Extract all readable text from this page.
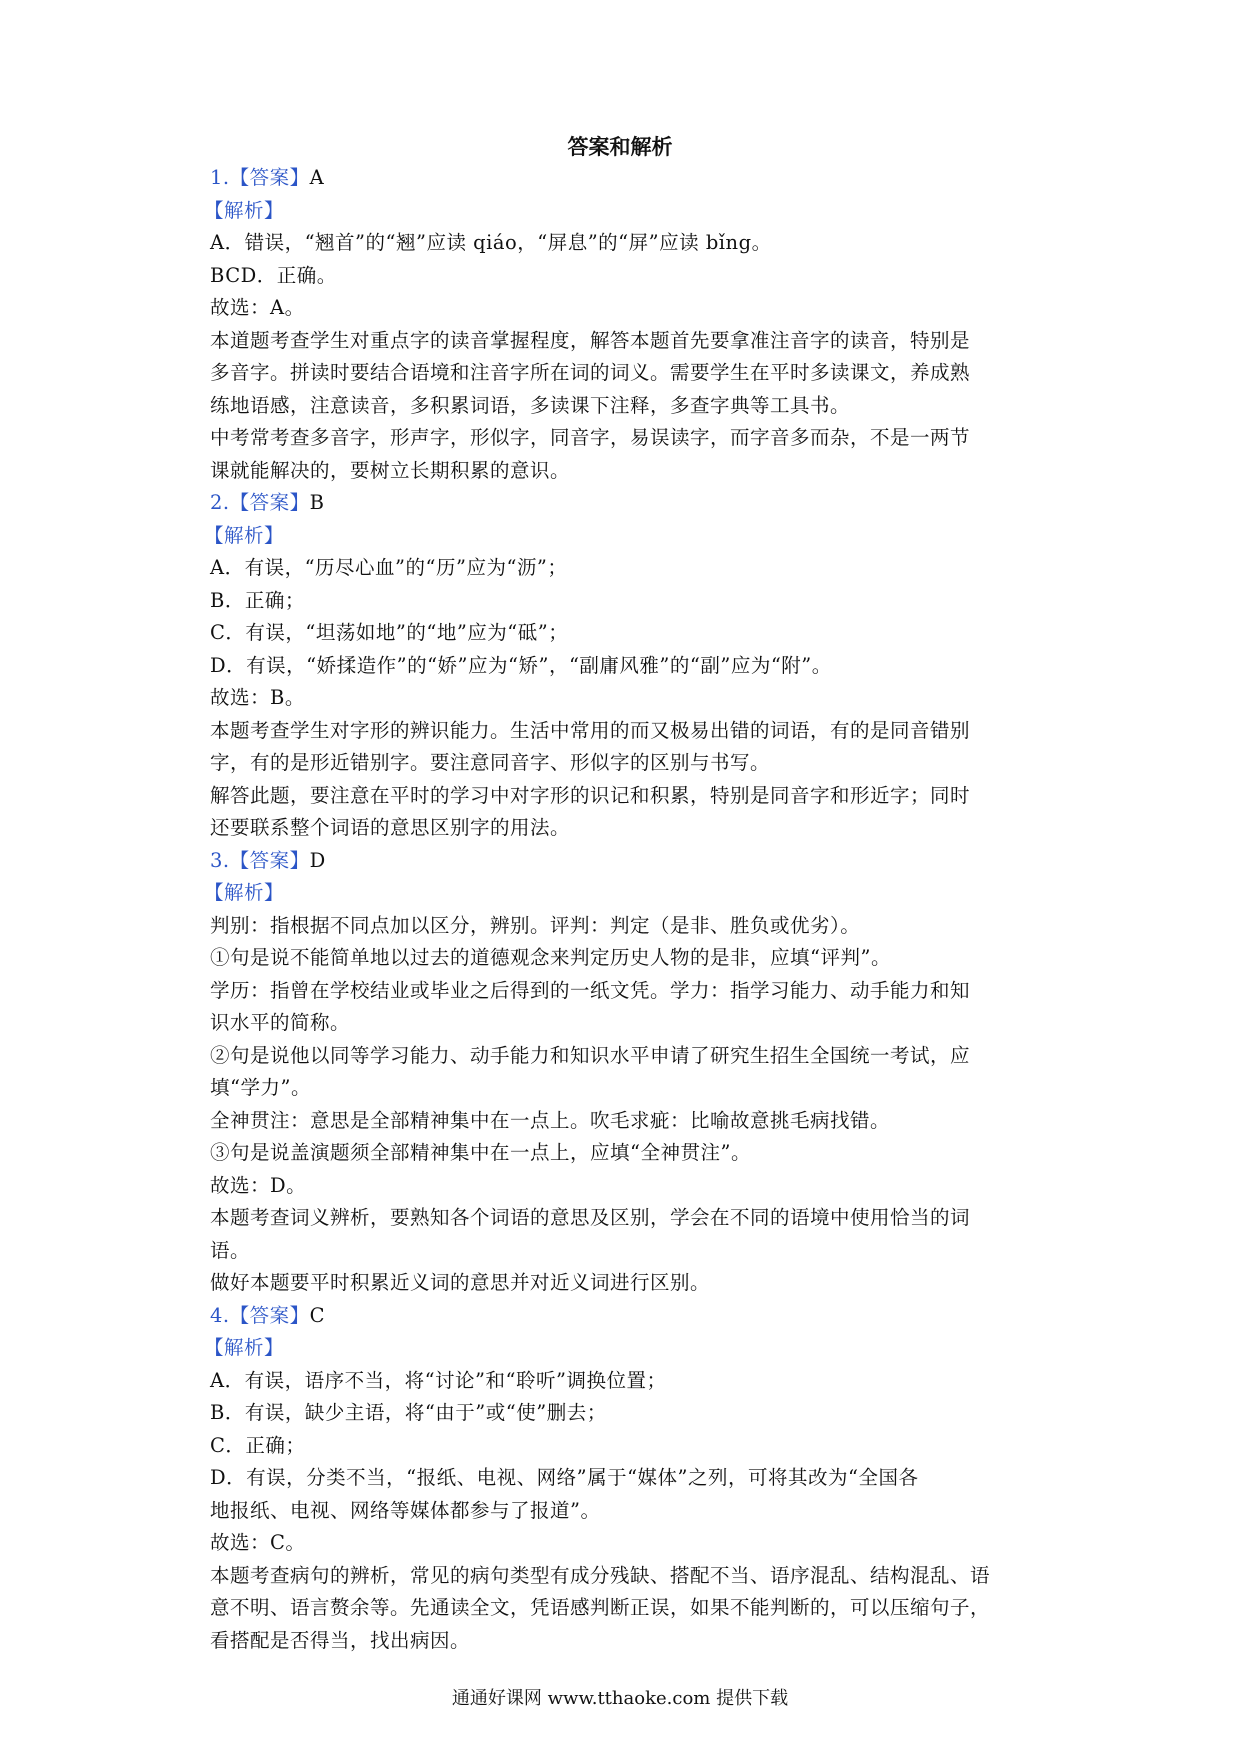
答案和解析
1.【答案】A
【解析】
A．错误，“翘首”的“翘”应读 qiáo，“屏息”的“屏”应读 bǐng。
BCD．正确。
故选：A。
本道题考查学生对重点字的读音掌握程度，解答本题首先要拿准注音字的读音，特别是
多音字。拼读时要结合语境和注音字所在词的词义。需要学生在平时多读课文，养成熟
练地语感，注意读音，多积累词语，多读课下注释，多查字典等工具书。
中考常考查多音字，形声字，形似字，同音字，易误读字，而字音多而杂，不是一两节
课就能解决的，要树立长期积累的意识。
2.【答案】B
【解析】
A．有误，“历尽心血”的“历”应为“沥”；
B．正确；
C．有误，“坦荡如地”的“地”应为“砥”；
D．有误，“娇揉造作”的“娇”应为“矫”，“副庸风雅”的“副”应为“附”。
故选：B。
本题考查学生对字形的辨识能力。生活中常用的而又极易出错的词语，有的是同音错别
字，有的是形近错别字。要注意同音字、形似字的区别与书写。
解答此题，要注意在平时的学习中对字形的识记和积累，特别是同音字和形近字；同时
还要联系整个词语的意思区别字的用法。
3.【答案】D
【解析】
判别：指根据不同点加以区分，辨别。评判：判定（是非、胜负或优劣）。
①句是说不能简单地以过去的道德观念来判定历史人物的是非，应填“评判”。
学历：指曾在学校结业或毕业之后得到的一纸文凭。学力：指学习能力、动手能力和知
识水平的简称。
②句是说他以同等学习能力、动手能力和知识水平申请了研究生招生全国统一考试，应
填“学力”。
全神贯注：意思是全部精神集中在一点上。吹毛求疵：比喻故意挑毛病找错。
③句是说盖演题须全部精神集中在一点上，应填“全神贯注”。
故选：D。
本题考查词义辨析，要熟知各个词语的意思及区别，学会在不同的语境中使用恰当的词
语。
做好本题要平时积累近义词的意思并对近义词进行区别。
4.【答案】C
【解析】
A．有误，语序不当，将“讨论”和“聆听”调换位置；
B．有误，缺少主语，将“由于”或“使”删去；
C．正确；
D．有误，分类不当，“报纸、电视、网络”属于“媒体”之列，可将其改为“全国各
地报纸、电视、网络等媒体都参与了报道”。
故选：C。
本题考查病句的辨析，常见的病句类型有成分残缺、搭配不当、语序混乱、结构混乱、语
意不明、语言赘余等。先通读全文，凭语感判断正误，如果不能判断的，可以压缩句子，
看搭配是否得当，找出病因。
通通好课网 www.tthaoke.com 提供下载
